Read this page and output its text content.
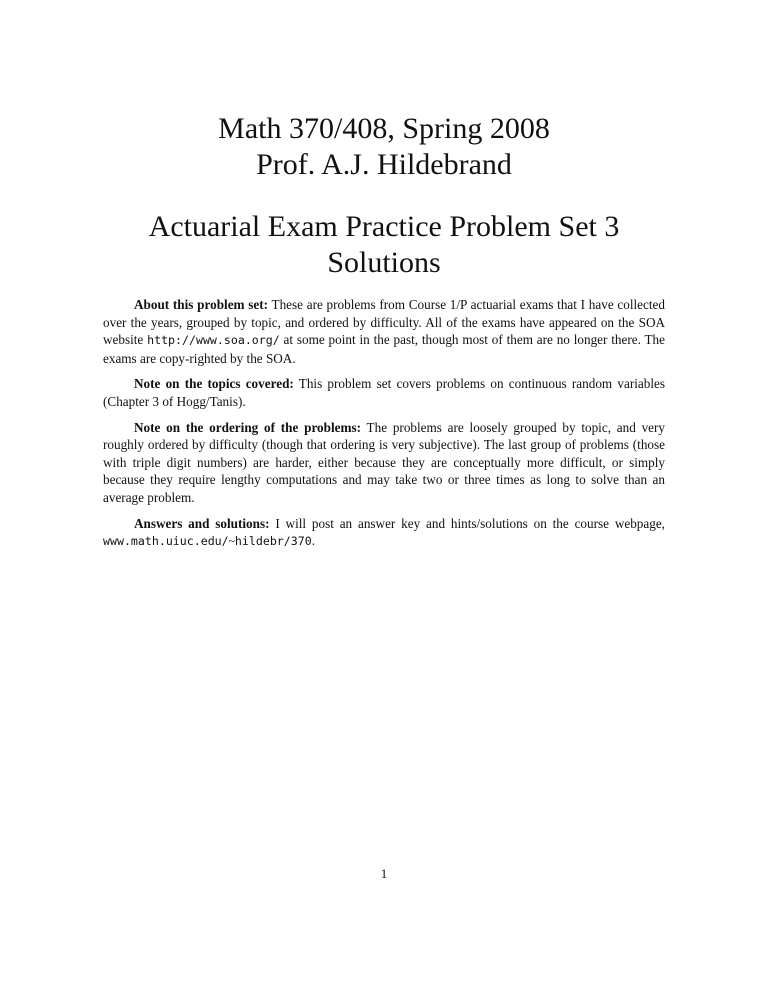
Math 370/408, Spring 2008
Prof. A.J. Hildebrand
Actuarial Exam Practice Problem Set 3
Solutions

About this problem set: These are problems from Course 1/P actuarial exams that I have collected over the years, grouped by topic, and ordered by difficulty. All of the exams have appeared on the SOA website http://www.soa.org/ at some point in the past, though most of them are no longer there. The exams are copy-righted by the SOA.

Note on the topics covered: This problem set covers problems on continuous random variables (Chapter 3 of Hogg/Tanis).

Note on the ordering of the problems: The problems are loosely grouped by topic, and very roughly ordered by difficulty (though that ordering is very subjective). The last group of problems (those with triple digit numbers) are harder, either because they are conceptually more difficult, or simply because they require lengthy computations and may take two or three times as long to solve than an average problem.

Answers and solutions: I will post an answer key and hints/solutions on the course webpage, www.math.uiuc.edu/~hildebr/370.

1
